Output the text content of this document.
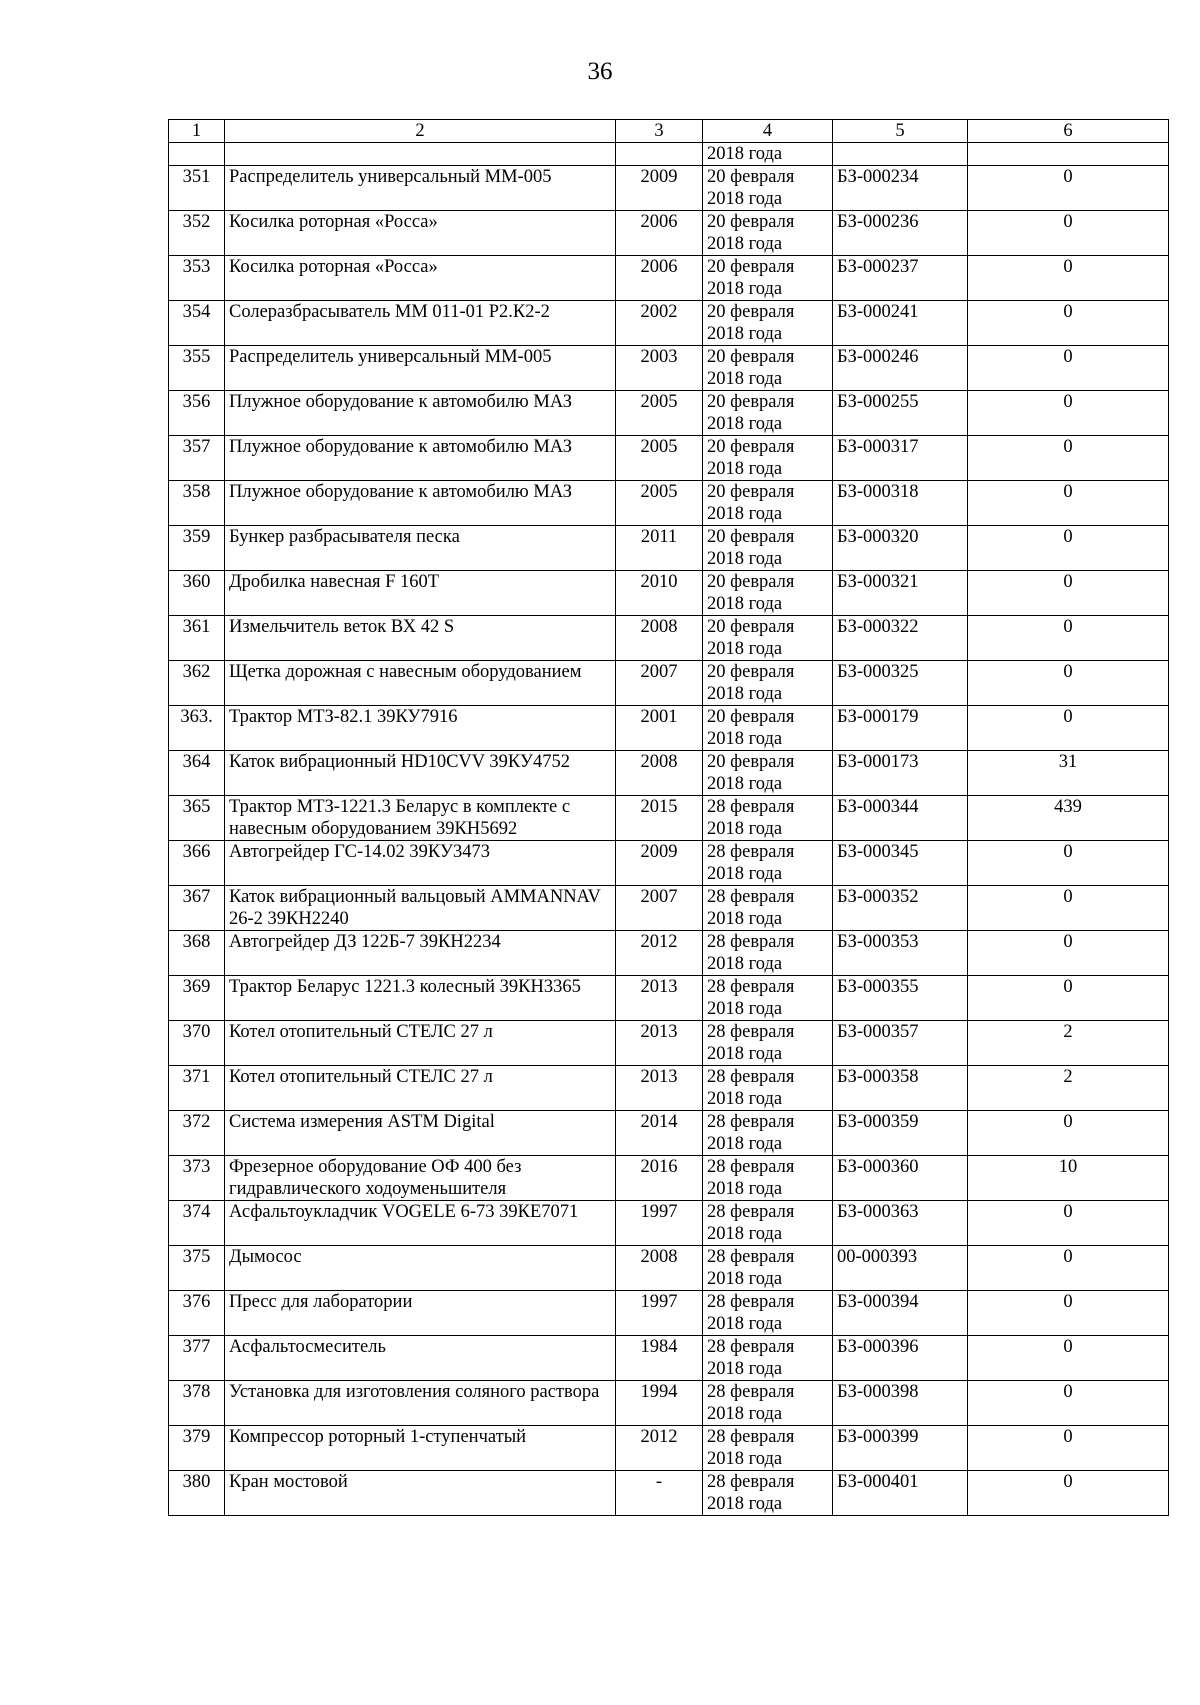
36
1	2	3	4	5	6
			2018 года		
351	Распределитель универсальный ММ-005	2009	20 февраля
2018 года	БЗ-000234	0
352	Косилка роторная «Росса»	2006	20 февраля
2018 года	БЗ-000236	0
353	Косилка роторная «Росса»	2006	20 февраля
2018 года	БЗ-000237	0
354	Солеразбрасыватель ММ 011-01 Р2.К2-2	2002	20 февраля
2018 года	БЗ-000241	0
355	Распределитель универсальный ММ-005	2003	20 февраля
2018 года	БЗ-000246	0
356	Плужное оборудование к автомобилю МАЗ	2005	20 февраля
2018 года	БЗ-000255	0
357	Плужное оборудование к автомобилю МАЗ	2005	20 февраля
2018 года	БЗ-000317	0
358	Плужное оборудование к автомобилю МАЗ	2005	20 февраля
2018 года	БЗ-000318	0
359	Бункер разбрасывателя песка	2011	20 февраля
2018 года	БЗ-000320	0
360	Дробилка навесная F 160Т	2010	20 февраля
2018 года	БЗ-000321	0
361	Измельчитель веток ВХ 42 S	2008	20 февраля
2018 года	БЗ-000322	0
362	Щетка дорожная с навесным оборудованием	2007	20 февраля
2018 года	БЗ-000325	0
363.	Трактор МТЗ-82.1 39КУ7916	2001	20 февраля
2018 года	БЗ-000179	0
364	Каток вибрационный HD10CVV 39КУ4752	2008	20 февраля
2018 года	БЗ-000173	31
365	Трактор МТЗ-1221.3 Беларус в комплекте с навесным оборудованием 39КН5692	2015	28 февраля
2018 года	БЗ-000344	439
366	Автогрейдер ГС-14.02 39КУ3473	2009	28 февраля
2018 года	БЗ-000345	0
367	Каток вибрационный вальцовый AMMANNAV 26-2 39КН2240	2007	28 февраля
2018 года	БЗ-000352	0
368	Автогрейдер ДЗ 122Б-7 39КН2234	2012	28 февраля
2018 года	БЗ-000353	0
369	Трактор Беларус 1221.3 колесный 39КН3365	2013	28 февраля
2018 года	БЗ-000355	0
370	Котел отопительный СТЕЛС 27 л	2013	28 февраля
2018 года	БЗ-000357	2
371	Котел отопительный СТЕЛС 27 л	2013	28 февраля
2018 года	БЗ-000358	2
372	Система измерения ASTM Digital	2014	28 февраля
2018 года	БЗ-000359	0
373	Фрезерное оборудование ОФ 400 без гидравлического ходоуменьшителя	2016	28 февраля
2018 года	БЗ-000360	10
374	Асфальтоукладчик VOGELE 6-73 39КЕ7071	1997	28 февраля
2018 года	БЗ-000363	0
375	Дымосос	2008	28 февраля
2018 года	00-000393	0
376	Пресс для лаборатории	1997	28 февраля
2018 года	БЗ-000394	0
377	Асфальтосмеситель	1984	28 февраля
2018 года	БЗ-000396	0
378	Установка для изготовления соляного раствора	1994	28 февраля
2018 года	БЗ-000398	0
379	Компрессор роторный 1-ступенчатый	2012	28 февраля
2018 года	БЗ-000399	0
380	Кран мостовой	-	28 февраля
2018 года	БЗ-000401	0
